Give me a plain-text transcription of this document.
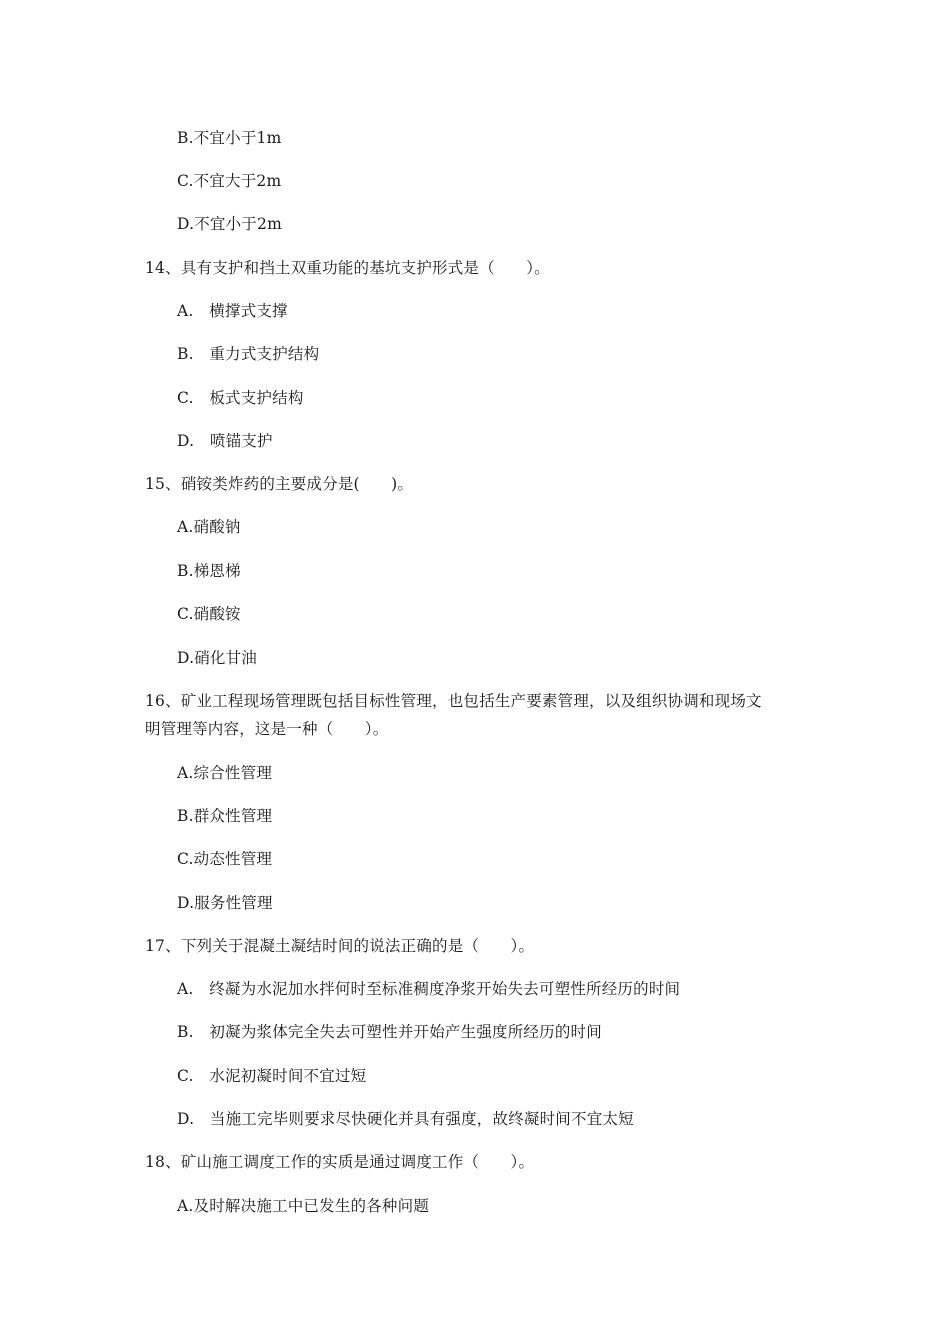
B.不宜小于1m
C.不宜大于2m
D.不宜小于2m
14、具有支护和挡土双重功能的基坑支护形式是（　　）。
A.　横撑式支撑
B.　重力式支护结构
C.　板式支护结构
D.　喷锚支护
15、硝铵类炸药的主要成分是(　　)。
A.硝酸钠
B.梯恩梯
C.硝酸铵
D.硝化甘油
16、矿业工程现场管理既包括目标性管理，也包括生产要素管理，以及组织协调和现场文
明管理等内容，这是一种（　　）。
A.综合性管理
B.群众性管理
C.动态性管理
D.服务性管理
17、下列关于混凝土凝结时间的说法正确的是（　　）。
A.　终凝为水泥加水拌何时至标准稠度净浆开始失去可塑性所经历的时间
B.　初凝为浆体完全失去可塑性并开始产生强度所经历的时间
C.　水泥初凝时间不宜过短
D.　当施工完毕则要求尽快硬化并具有强度，故终凝时间不宜太短
18、矿山施工调度工作的实质是通过调度工作（　　）。
A.及时解决施工中已发生的各种问题
